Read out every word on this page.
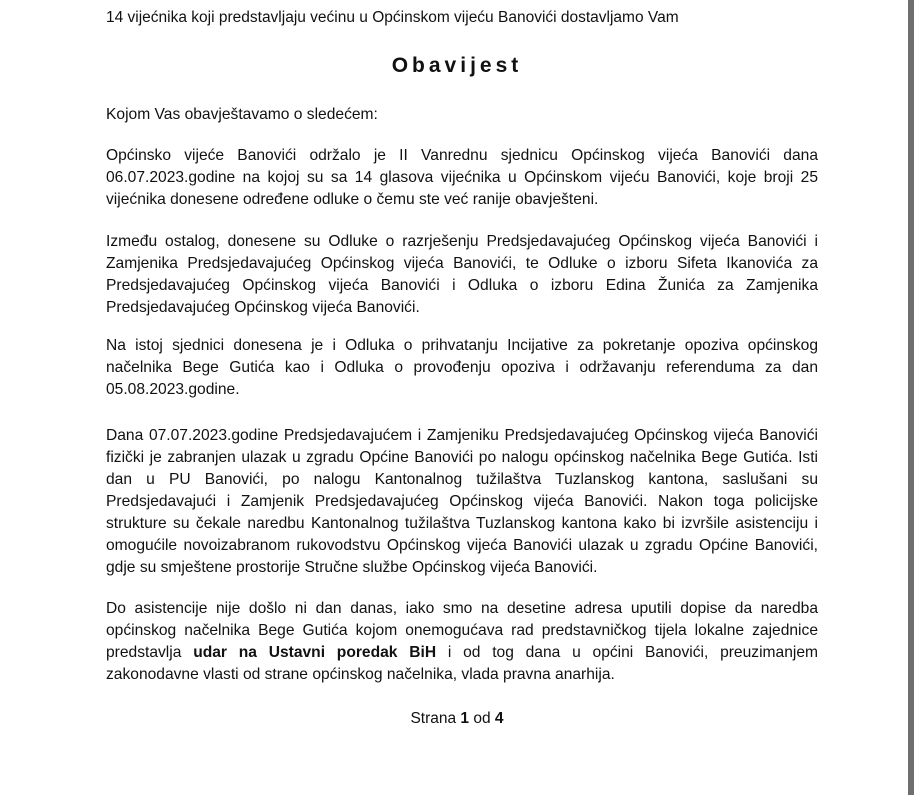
14 vijećnika koji predstavljaju većinu u Općinskom vijeću Banovići dostavljamo Vam
Obavijest

Kojom Vas obavještavamo o sledećem:

Općinsko vijeće Banovići održalo je II Vanrednu sjednicu Općinskog vijeća Banovići dana 06.07.2023.godine na kojoj su sa 14 glasova vijećnika u Općinskom vijeću Banovići, koje broji 25 vijećnika donesene određene odluke o čemu ste već ranije obavješteni.

Između ostalog, donesene su Odluke o razrješenju Predsjedavajućeg Općinskog vijeća Banovići i Zamjenika Predsjedavajućeg Općinskog vijeća Banovići, te Odluke o izboru Sifeta Ikanovića za Predsjedavajućeg Općinskog vijeća Banovići i Odluka o izboru Edina Žunića za Zamjenika Predsjedavajućeg Općinskog vijeća Banovići.

Na istoj sjednici donesena je i Odluka o prihvatanju Incijative za pokretanje opoziva općinskog načelnika Bege Gutića kao i Odluka o provođenju opoziva i održavanju referenduma za dan 05.08.2023.godine.

Dana 07.07.2023.godine Predsjedavajućem i Zamjeniku Predsjedavajućeg Općinskog vijeća Banovići fizički je zabranjen ulazak u zgradu Općine Banovići po nalogu općinskog načelnika Bege Gutića. Isti dan u PU Banovići, po nalogu Kantonalnog tužilaštva Tuzlanskog kantona, saslušani su Predsjedavajući i Zamjenik Predsjedavajućeg Općinskog vijeća Banovići. Nakon toga policijske strukture su čekale naredbu Kantonalnog tužilaštva Tuzlanskog kantona kako bi izvršile asistenciju i omogućile novoizabranom rukovodstvu Općinskog vijeća Banovići ulazak u zgradu Općine Banovići, gdje su smještene prostorije Stručne službe Općinskog vijeća Banovići.

Do asistencije nije došlo ni dan danas, iako smo na desetine adresa uputili dopise da naredba općinskog načelnika Bege Gutića kojom onemogućava rad predstavničkog tijela lokalne zajednice predstavlja udar na Ustavni poredak BiH i od tog dana u općini Banovići, preuzimanjem zakonodavne vlasti od strane općinskog načelnika, vlada pravna anarhija.

Strana 1 od 4
